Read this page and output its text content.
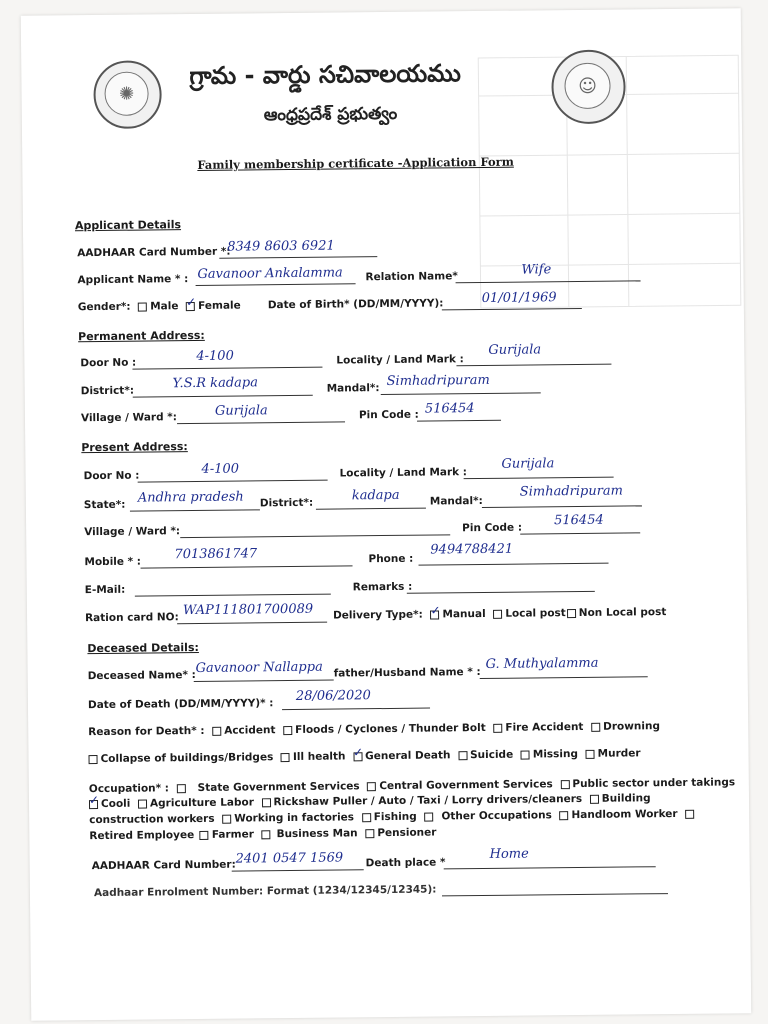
✺	☺
గ్రామ - వార్డు సచివాలయము
ఆంధ్రప్రదేశ్ ప్రభుత్వం
Family membership certificate -Application Form
Applicant Details
AADHAAR Card Number *:
8349 8603 6921
Applicant Name * : Gavanoor Ankalamma Relation Name*	Wife
Gender*: Male ✓ Female	Date of Birth* (DD/MM/YYYY):	01/01/1969
Permanent Address:
Door No :	4-100	Locality / Land Mark :
Gurijala
District*:	Y.S.R kadapa	Mandal*: Simhadripuram
Village / Ward *:	Gurijala	Pin Code : 516454
Present Address:
Door No :	4-100	Locality / Land Mark :
Gurijala
State*: Andhra pradesh District*:	kadapa	Mandal*:
Simhadripuram
Village / Ward *:	Pin Code : 516454
Mobile * :	7013861747	Phone :
9494788421
E-Mail:	Remarks :
Ration card NO: WAP111801700089 Delivery Type*: ✓ Manual Local post Non Local post
Deceased Details:
Deceased Name* : Gavanoor Nallappa father/Husband Name * :
G. Muthyalamma
Date of Death (DD/MM/YYYY)* :
28/06/2020
Reason for Death* : Accident Floods / Cyclones / Thunder Bolt Fire Accident Drowning
Collapse of buildings/Bridges Ill health ✓ General Death Suicide Missing Murder
Occupation* :	State Government Services Central Government Services Public sector under takings
✓Cooli Agriculture Labor Rickshaw Puller / Auto / Taxi / Lorry drivers/cleaners Building
construction workers Working in factories Fishing Other Occupations Handloom Worker
Retired Employee Farmer Business Man Pensioner
AADHAAR Card Number: 2401 0547 1569 Death place *
Home
Aadhaar Enrolment Number: Format (1234/12345/12345):
